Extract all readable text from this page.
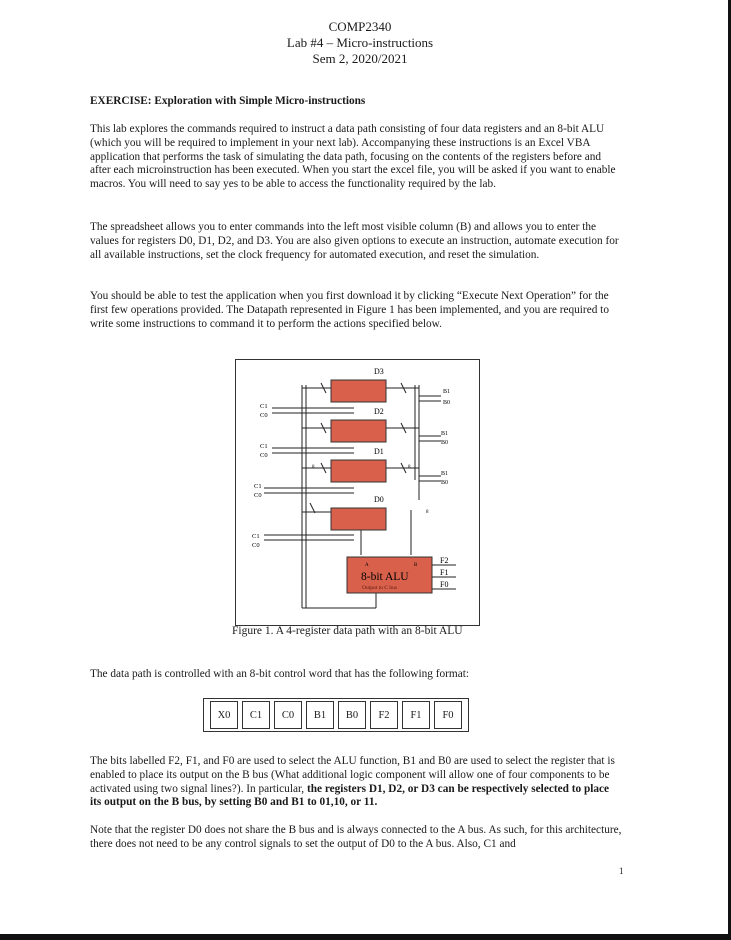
COMP2340
Lab #4 – Micro-instructions
Sem 2, 2020/2021
EXERCISE: Exploration with Simple Micro-instructions
This lab explores the commands required to instruct a data path consisting of four data registers and an 8-bit ALU (which you will be required to implement in your next lab). Accompanying these instructions is an Excel VBA application that performs the task of simulating the data path, focusing on the contents of the registers before and after each microinstruction has been executed. When you start the excel file, you will be asked if you want to enable macros. You will need to say yes to be able to access the functionality required by the lab.
The spreadsheet allows you to enter commands into the left most visible column (B) and allows you to enter the values for registers D0, D1, D2, and D3. You are also given options to execute an instruction, automate execution for all available instructions, set the clock frequency for automated execution, and reset the simulation.
You should be able to test the application when you first download it by clicking “Execute Next Operation” for the first few operations provided. The Datapath represented in Figure 1 has been implemented, and you are required to write some instructions to command it to perform the actions specified below.
D3
D2
D1
D0
8	8
8
C1
C0
C1
C0
C1
C0
C1
C0
B1
B0
B1
B0
B1
B0
A	B
8-bit ALU
Output to C bus
F2
F1
F0
Figure 1. A 4-register data path with an 8-bit ALU
The data path is controlled with an 8-bit control word that has the following format:
X0	C1	C0	B1	B0	F2	F1	F0
The bits labelled F2, F1, and F0 are used to select the ALU function, B1 and B0 are used to select the register that is enabled to place its output on the B bus (What additional logic component will allow one of four components to be activated using two signal lines?). In particular, the registers D1, D2, or D3 can be respectively selected to place its output on the B bus, by setting B0 and B1 to 01,10, or 11.
Note that the register D0 does not share the B bus and is always connected to the A bus. As such, for this architecture, there does not need to be any control signals to set the output of D0 to the A bus. Also, C1 and
1
